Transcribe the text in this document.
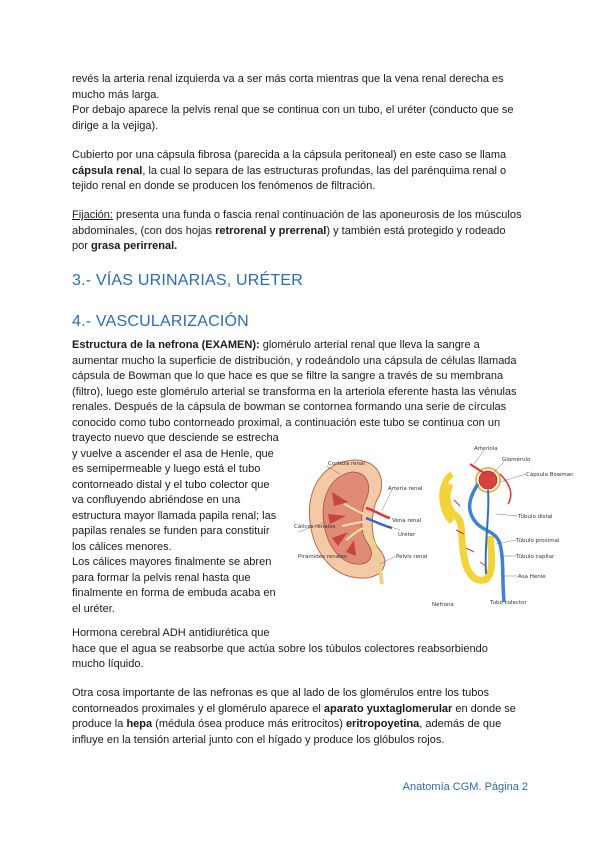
revés la arteria renal izquierda va a ser más corta mientras que la vena renal derecha es

mucho más larga.

Por debajo aparece la pelvis renal que se continua con un tubo, el uréter (conducto que se

dirige a la vejiga).

Cubierto por una cápsula fibrosa (parecida a la cápsula peritoneal) en este caso se llama

cápsula renal, la cual lo separa de las estructuras profundas, las del parénquima renal o

tejido renal en donde se producen los fenómenos de filtración.

Fijación: presenta una funda o fascia renal continuación de las aponeurosis de los músculos

abdominales, (con dos hojas retrorenal y prerrenal) y también está protegido y rodeado

por grasa perirrenal.

3.- VÍAS URINARIAS, URÉTER
4.- VASCULARIZACIÓN

Estructura de la nefrona (EXAMEN): glomérulo arterial renal que lleva la sangre a

aumentar mucho la superficie de distribución, y rodeándolo una cápsula de células llamada

cápsula de Bowman que lo que hace es que se filtre la sangre a través de su membrana

(filtro), luego este glomérulo arterial se transforma en la arteriola eferente hasta las vénulas

renales. Después de la cápsula de bowman se contornea formando una serie de círculas

conocido como tubo contorneado proximal, a continuación este tubo se continua con un

trayecto nuevo que desciende se estrecha

y vuelve a ascender el asa de Henle, que

es semipermeable y luego está el tubo

contorneado distal y el tubo colector que

va confluyendo abriéndose en una

estructura mayor llamada papila renal; las

papilas renales se funden para constituir

los cálices menores.

Los cálices mayores finalmente se abren

para formar la pelvis renal hasta que

finalmente en forma de embuda acaba en

el uréter.

Corteza renal
Arteria renal
Cálices renales
Vena renal
Uréter
Pirámides renales	Pelvis renal
Arteriola
Glomérulo
Cápsula Bowman
Túbulo distal
Túbulo proximal
Túbulo capilar
Asa Henle
Tubo colector
Nefrona

Hormona cerebral ADH antidiurética que

hace que el agua se reabsorbe que actúa sobre los túbulos colectores reabsorbiendo

mucho líquido.

Otra cosa importante de las nefronas es que al lado de los glomérulos entre los tubos

contorneados proximales y el glomérulo aparece el aparato yuxtaglomerular en donde se

produce la hepa (médula ósea produce más eritrocitos) eritropoyetina, además de que

influye en la tensión arterial junto con el hígado y produce los glóbulos rojos.

Anatomía CGM. Página 2
